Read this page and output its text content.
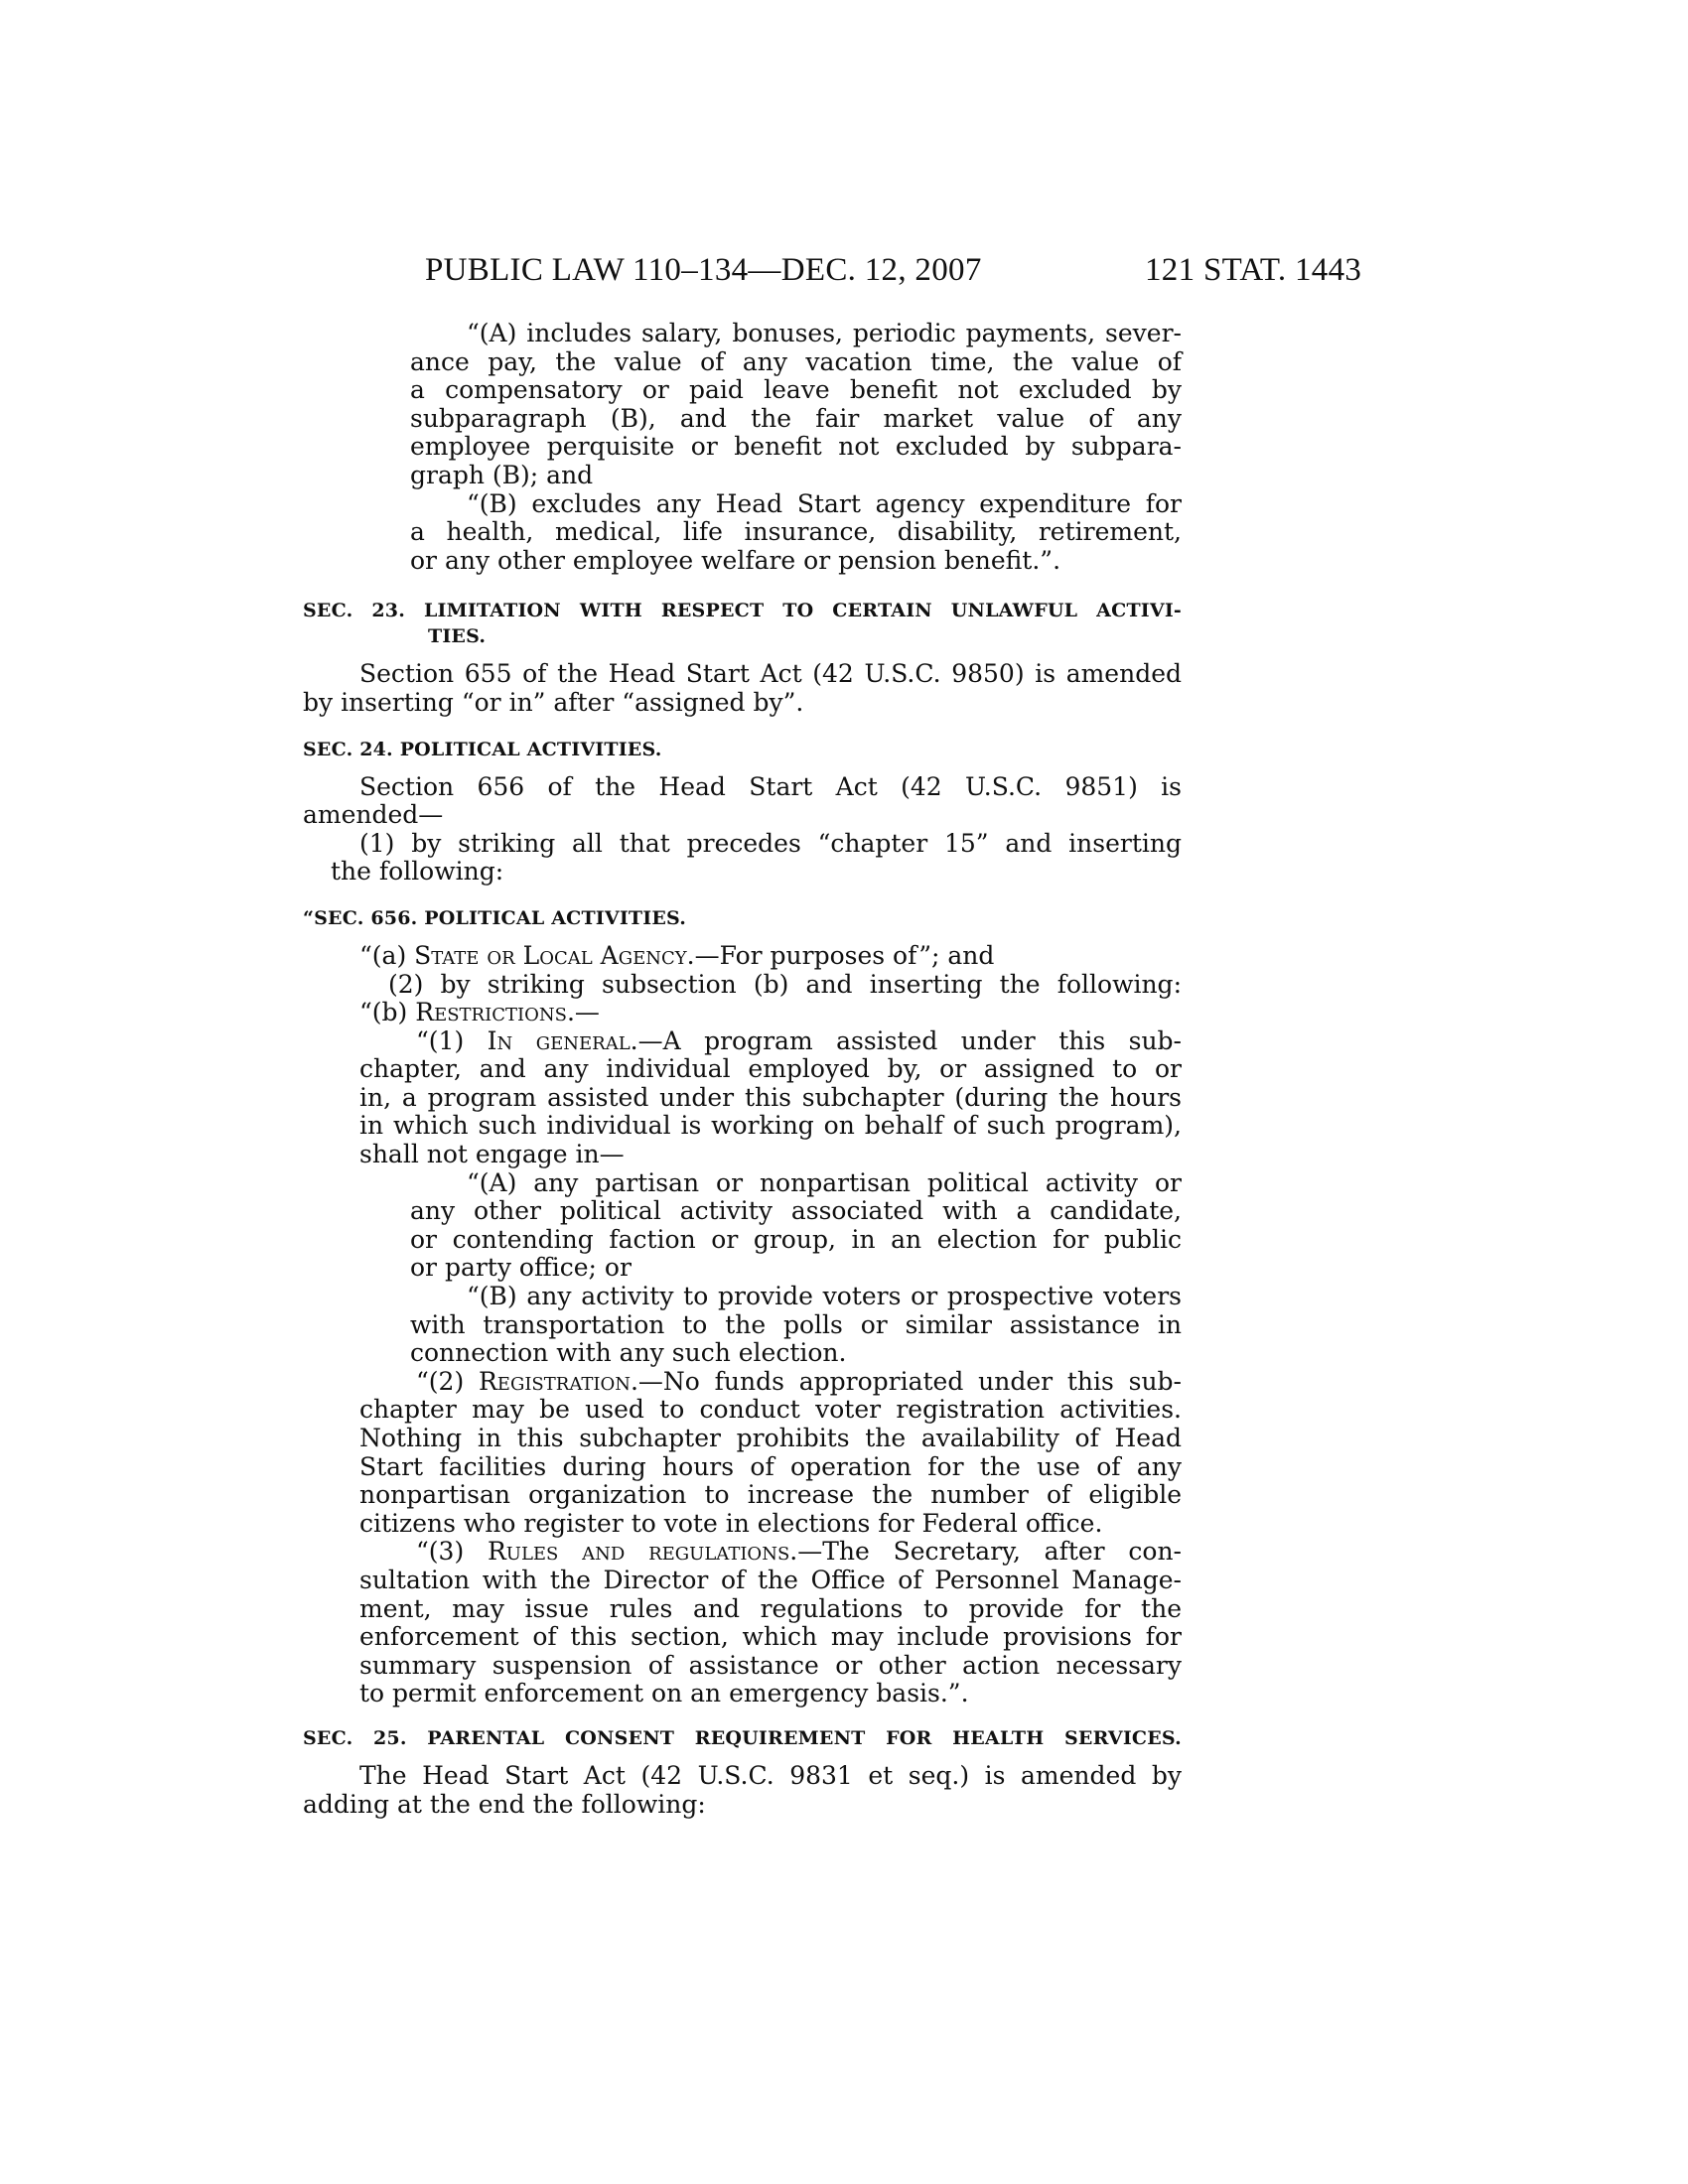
PUBLIC LAW 110–134—DEC. 12, 2007	121 STAT. 1443
“(A) includes salary, bonuses, periodic payments, sever-
ance pay, the value of any vacation time, the value of
a compensatory or paid leave benefit not excluded by
subparagraph (B), and the fair market value of any
employee perquisite or benefit not excluded by subpara-
graph (B); and
“(B) excludes any Head Start agency expenditure for
a health, medical, life insurance, disability, retirement,
or any other employee welfare or pension benefit.”.
SEC. 23. LIMITATION WITH RESPECT TO CERTAIN UNLAWFUL ACTIVI-
TIES.
Section 655 of the Head Start Act (42 U.S.C. 9850) is amended
by inserting “or in” after “assigned by”.
SEC. 24. POLITICAL ACTIVITIES.
Section 656 of the Head Start Act (42 U.S.C. 9851) is
amended—
(1) by striking all that precedes “chapter 15” and inserting
the following:
“SEC. 656. POLITICAL ACTIVITIES.
“(a) State or Local Agency.—For purposes of”; and
(2) by striking subsection (b) and inserting the following:
“(b) Restrictions.—
“(1) In general.—A program assisted under this sub-
chapter, and any individual employed by, or assigned to or
in, a program assisted under this subchapter (during the hours
in which such individual is working on behalf of such program),
shall not engage in—
“(A) any partisan or nonpartisan political activity or
any other political activity associated with a candidate,
or contending faction or group, in an election for public
or party office; or
“(B) any activity to provide voters or prospective voters
with transportation to the polls or similar assistance in
connection with any such election.
“(2) Registration.—No funds appropriated under this sub-
chapter may be used to conduct voter registration activities.
Nothing in this subchapter prohibits the availability of Head
Start facilities during hours of operation for the use of any
nonpartisan organization to increase the number of eligible
citizens who register to vote in elections for Federal office.
“(3) Rules and regulations.—The Secretary, after con-
sultation with the Director of the Office of Personnel Manage-
ment, may issue rules and regulations to provide for the
enforcement of this section, which may include provisions for
summary suspension of assistance or other action necessary
to permit enforcement on an emergency basis.”.
SEC. 25. PARENTAL CONSENT REQUIREMENT FOR HEALTH SERVICES.
The Head Start Act (42 U.S.C. 9831 et seq.) is amended by
adding at the end the following:
